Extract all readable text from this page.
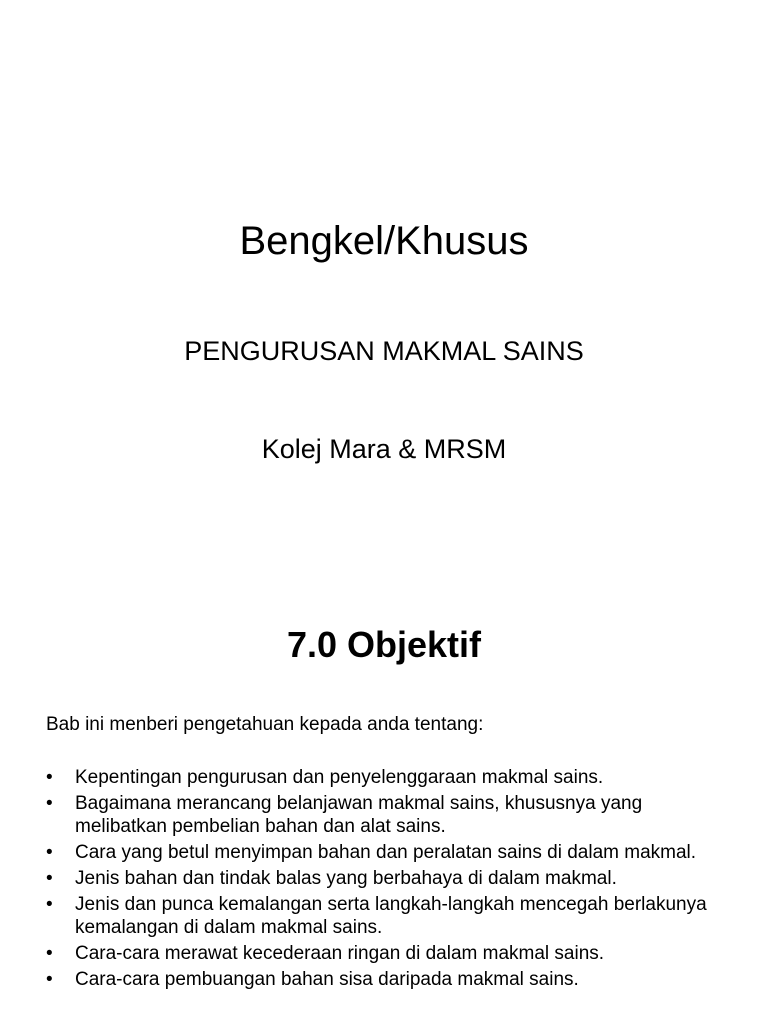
Bengkel/Khusus

PENGURUSAN MAKMAL SAINS

Kolej Mara & MRSM

7.0 Objektif

Bab ini menberi pengetahuan kepada anda tentang:

• Kepentingan pengurusan dan penyelenggaraan makmal sains.
• Bagaimana merancang belanjawan makmal sains, khususnya yang melibatkan pembelian bahan dan alat sains.
• Cara yang betul menyimpan bahan dan peralatan sains di dalam makmal.
• Jenis bahan dan tindak balas yang berbahaya di dalam makmal.
• Jenis dan punca kemalangan serta langkah-langkah mencegah berlakunya kemalangan di dalam makmal sains.
• Cara-cara merawat kecederaan ringan di dalam makmal sains.
• Cara-cara pembuangan bahan sisa daripada makmal sains.
